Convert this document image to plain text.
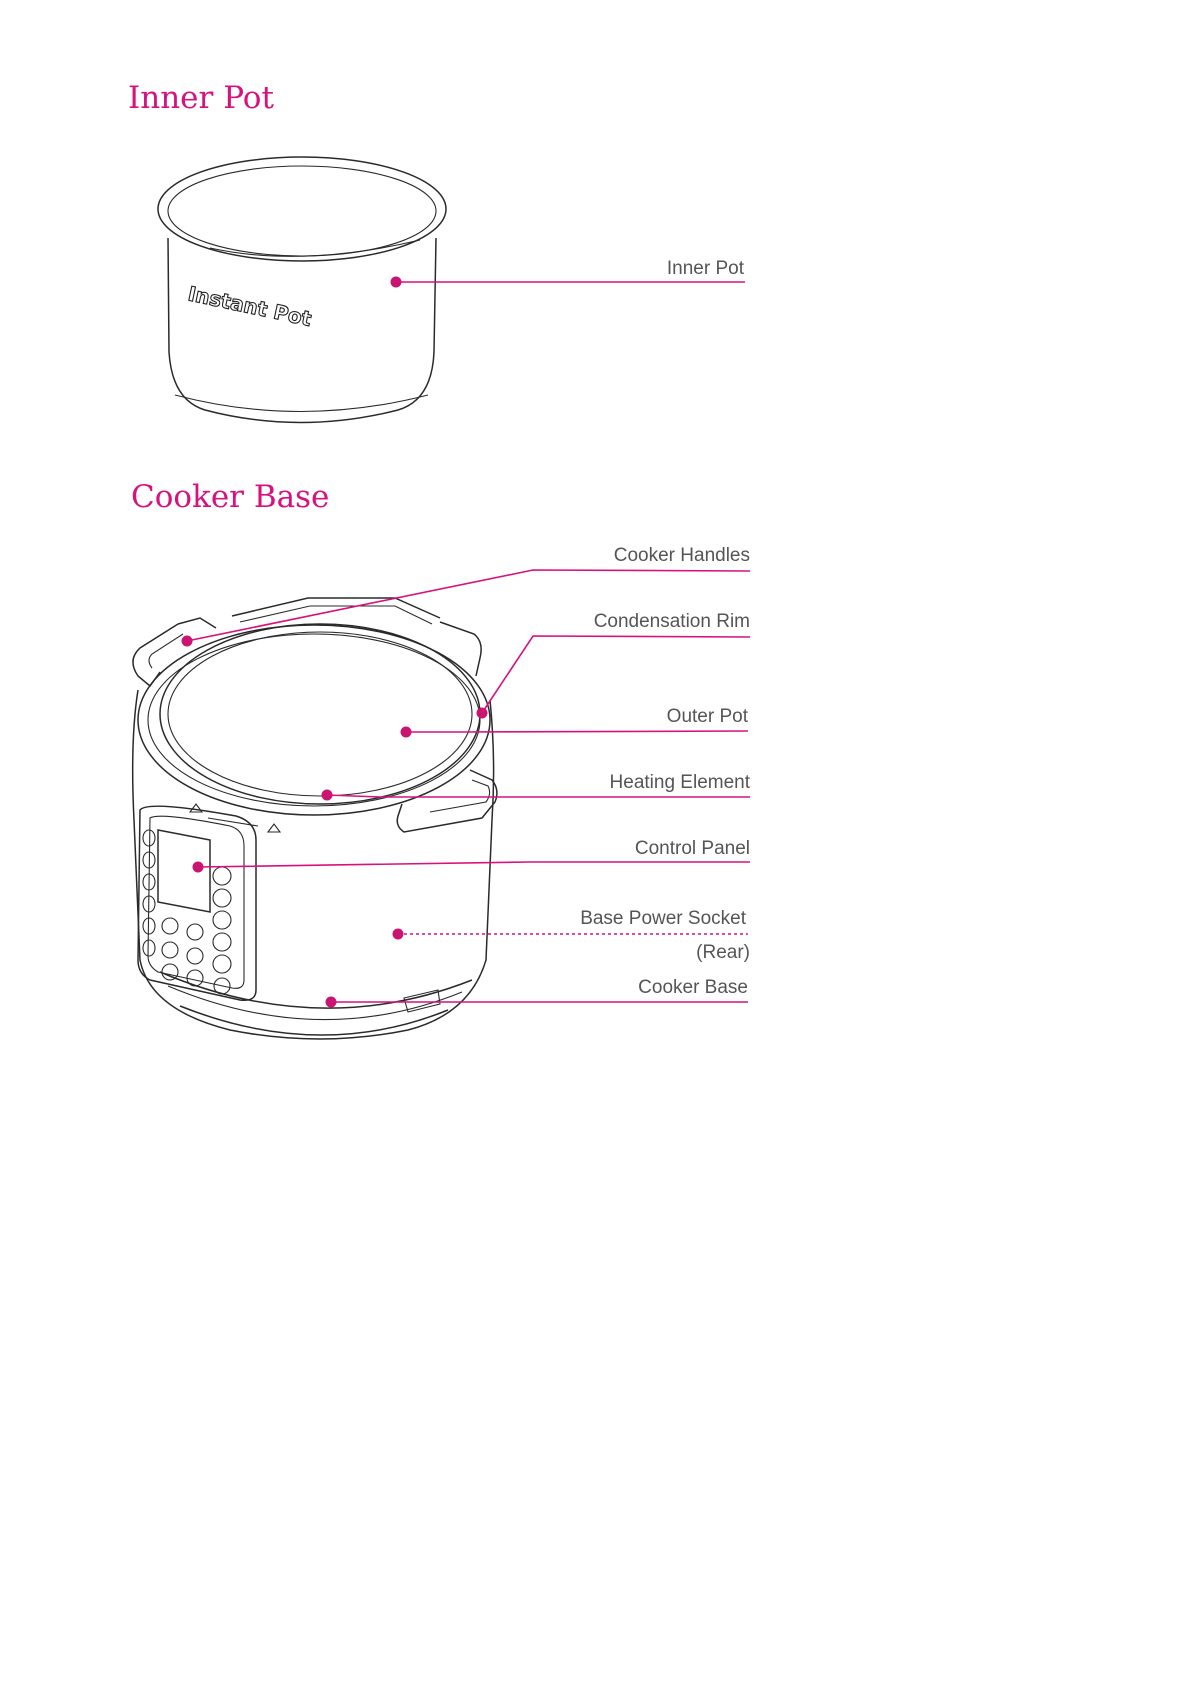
Inner Pot
Cooker Base
Instant Pot
Inner Pot
Cooker Handles
Condensation Rim
Outer Pot
Heating Element
Control Panel
Base Power Socket
(Rear)
Cooker Base
